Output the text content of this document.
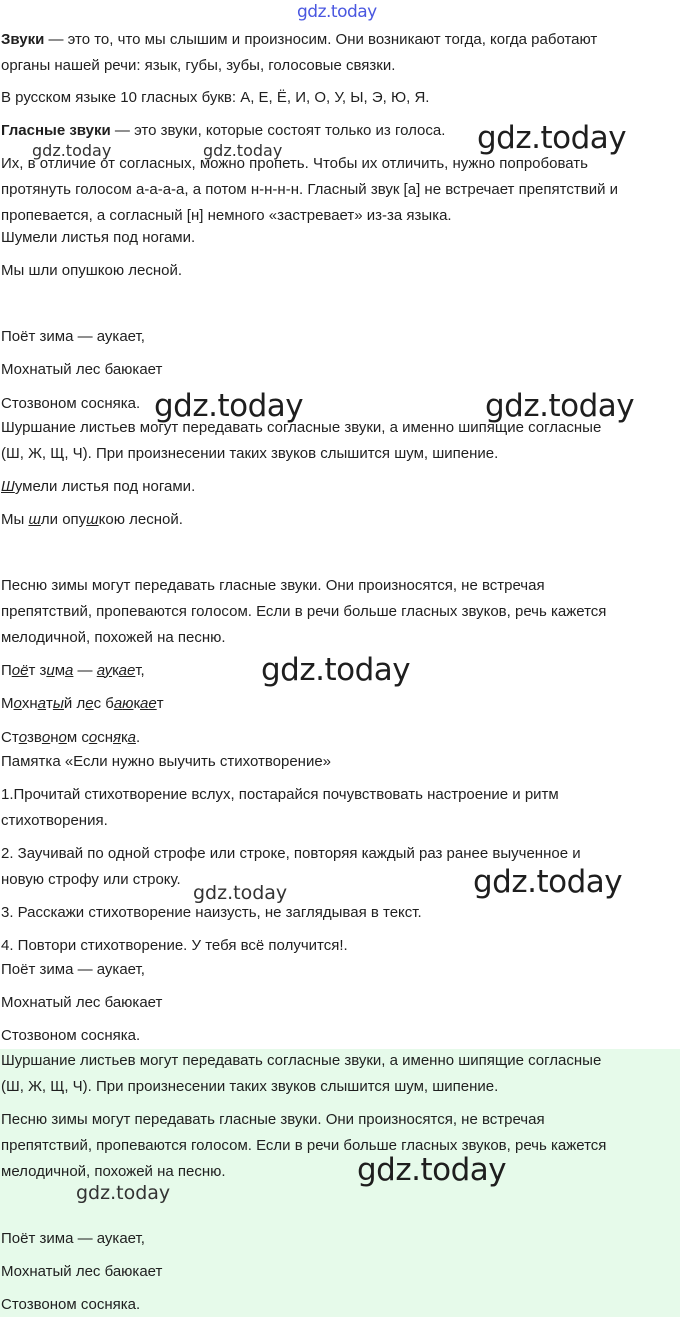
gdz.today
gdz.today
gdz.today	gdz.today
gdz.today	gdz.today
gdz.today
gdz.today	gdz.today
gdz.today
gdz.today

Звуки — это то, что мы слышим и произносим. Они возникают тогда, когда работают

органы нашей речи: язык, губы, зубы, голосовые связки.

В русском языке 10 гласных букв: А, Е, Ё, И, О, У, Ы, Э, Ю, Я.

Гласные звуки — это звуки, которые состоят только из голоса.

Их, в отличие от согласных, можно пропеть. Чтобы их отличить, нужно попробовать

протянуть голосом а-а-а-а, а потом н-н-н-н. Гласный звук [а] не встречает препятствий и

пропевается, а согласный [н] немного «застревает» из-за языка.

Шумели листья под ногами.

Мы шли опушкою лесной.

Поёт зима — аукает,

Мохнатый лес баюкает

Стозвоном сосняка.

Шуршание листьев могут передавать согласные звуки, а именно шипящие согласные

(Ш, Ж, Щ, Ч). При произнесении таких звуков слышится шум, шипение.

Шумели листья под ногами.

Мы шли опушкою лесной.

Песню зимы могут передавать гласные звуки. Они произносятся, не встречая

препятствий, пропеваются голосом. Если в речи больше гласных звуков, речь кажется

мелодичной, похожей на песню.

Поёт зима — аукает,

Мохнатый лес баюкает

Стозвоном сосняка.

Памятка «Если нужно выучить стихотворение»

1.Прочитай стихотворение вслух, постарайся почувствовать настроение и ритм

стихотворения.

2. Заучивай по одной строфе или строке, повторяя каждый раз ранее выученное и

новую строфу или строку.

3. Расскажи стихотворение наизусть, не заглядывая в текст.

4. Повтори стихотворение. У тебя всё получится!.

Поёт зима — аукает,

Мохнатый лес баюкает

Стозвоном сосняка.

Шуршание листьев могут передавать согласные звуки, а именно шипящие согласные

(Ш, Ж, Щ, Ч). При произнесении таких звуков слышится шум, шипение.

Песню зимы могут передавать гласные звуки. Они произносятся, не встречая

препятствий, пропеваются голосом. Если в речи больше гласных звуков, речь кажется

мелодичной, похожей на песню.

Поёт зима — аукает,

Мохнатый лес баюкает

Стозвоном сосняка.
